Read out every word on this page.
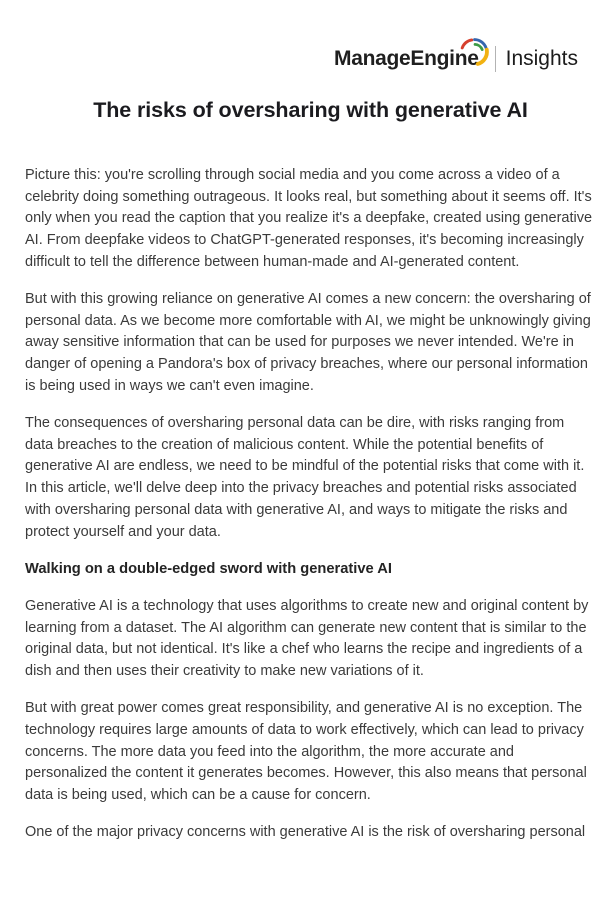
ManageEngine Insights
The risks of oversharing with generative AI

Picture this: you're scrolling through social media and you come across a video of a celebrity doing something outrageous. It looks real, but something about it seems off. It's only when you read the caption that you realize it's a deepfake, created using generative AI. From deepfake videos to ChatGPT-generated responses, it's becoming increasingly difficult to tell the difference between human-made and AI-generated content.

But with this growing reliance on generative AI comes a new concern: the oversharing of personal data. As we become more comfortable with AI, we might be unknowingly giving away sensitive information that can be used for purposes we never intended. We're in danger of opening a Pandora's box of privacy breaches, where our personal information is being used in ways we can't even imagine.

The consequences of oversharing personal data can be dire, with risks ranging from data breaches to the creation of malicious content. While the potential benefits of generative AI are endless, we need to be mindful of the potential risks that come with it. In this article, we'll delve deep into the privacy breaches and potential risks associated with oversharing personal data with generative AI, and ways to mitigate the risks and protect yourself and your data.

Walking on a double-edged sword with generative AI

Generative AI is a technology that uses algorithms to create new and original content by learning from a dataset. The AI algorithm can generate new content that is similar to the original data, but not identical. It's like a chef who learns the recipe and ingredients of a dish and then uses their creativity to make new variations of it.

But with great power comes great responsibility, and generative AI is no exception. The technology requires large amounts of data to work effectively, which can lead to privacy concerns. The more data you feed into the algorithm, the more accurate and personalized the content it generates becomes. However, this also means that personal data is being used, which can be a cause for concern.

One of the major privacy concerns with generative AI is the risk of oversharing personal
